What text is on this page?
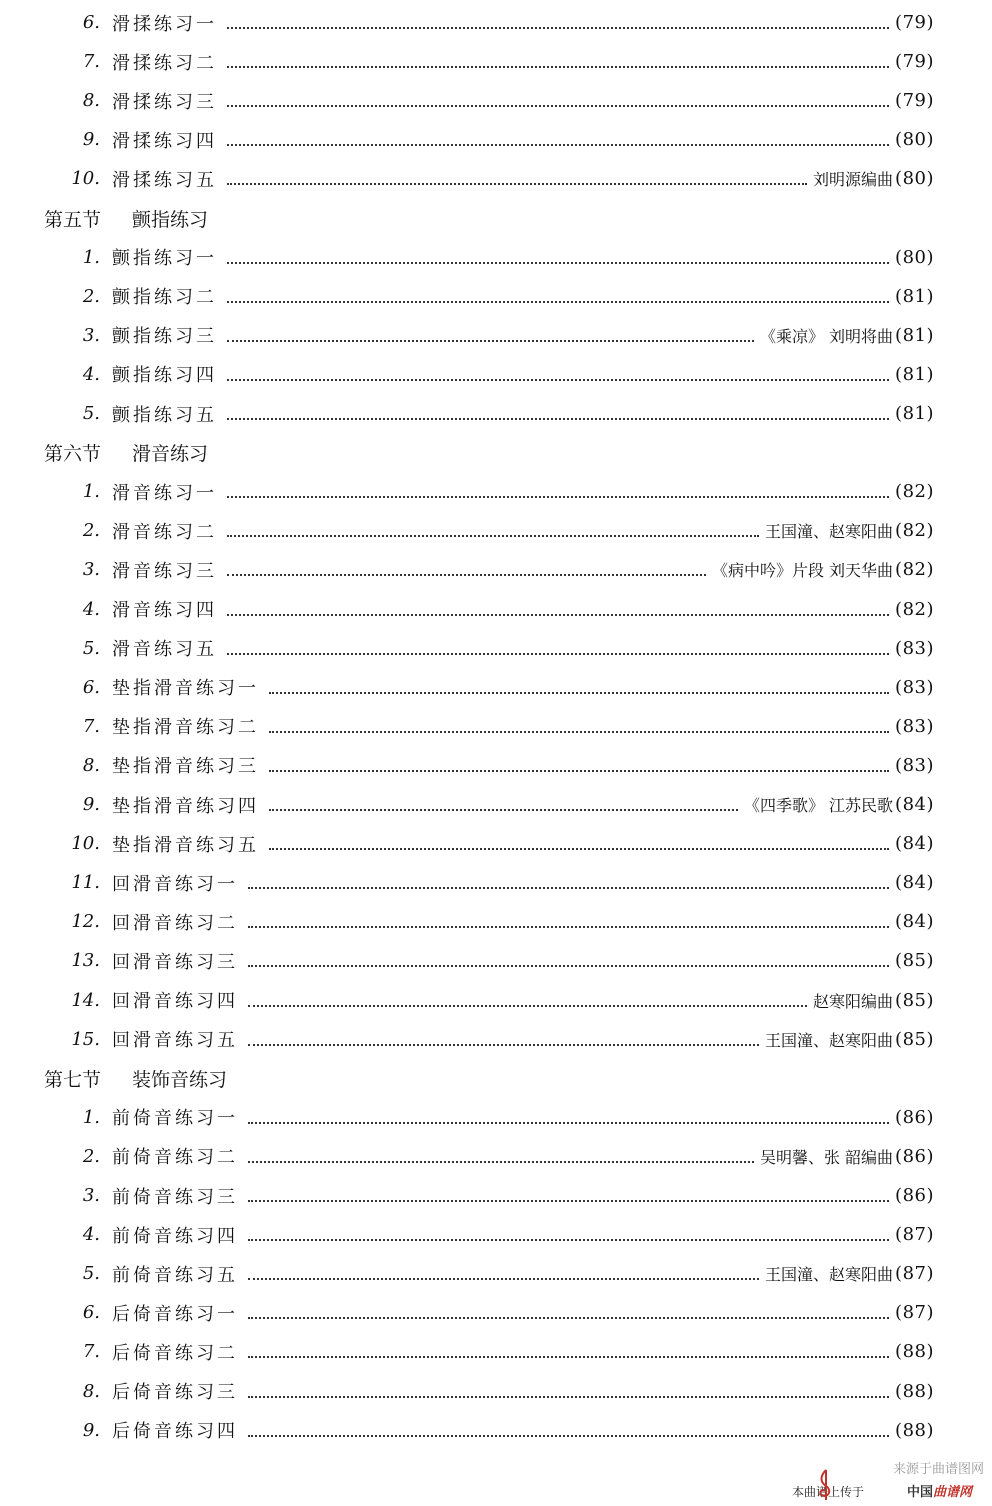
6. 滑揉练习一	(79)
7. 滑揉练习二	(79)
8. 滑揉练习三	(79)
9. 滑揉练习四	(80)
10. 滑揉练习五	刘明源编曲 (80)
第五节 颤指练习
1. 颤指练习一	(80)
2. 颤指练习二	(81)
3. 颤指练习三	《乘凉》 刘明将曲 (81)
4. 颤指练习四	(81)
5. 颤指练习五	(81)
第六节 滑音练习
1. 滑音练习一	(82)
2. 滑音练习二	王国潼、赵寒阳曲 (82)
3. 滑音练习三	《病中吟》片段 刘天华曲 (82)
4. 滑音练习四	(82)
5. 滑音练习五	(83)
6. 垫指滑音练习一	(83)
7. 垫指滑音练习二	(83)
8. 垫指滑音练习三	(83)
9. 垫指滑音练习四	《四季歌》 江苏民歌 (84)
10. 垫指滑音练习五	(84)
11. 回滑音练习一	(84)
12. 回滑音练习二	(84)
13. 回滑音练习三	(85)
14. 回滑音练习四	赵寒阳编曲 (85)
15. 回滑音练习五	王国潼、赵寒阳曲 (85)
第七节 装饰音练习
1. 前倚音练习一	(86)
2. 前倚音练习二	吴明馨、张 韶编曲 (86)
3. 前倚音练习三	(86)
4. 前倚音练习四	(87)
5. 前倚音练习五	王国潼、赵寒阳曲 (87)
6. 后倚音练习一	(87)
7. 后倚音练习二	(88)
8. 后倚音练习三	(88)
9. 后倚音练习四	(88)
来源于曲谱图网
本曲谱上传于	中国曲谱网
